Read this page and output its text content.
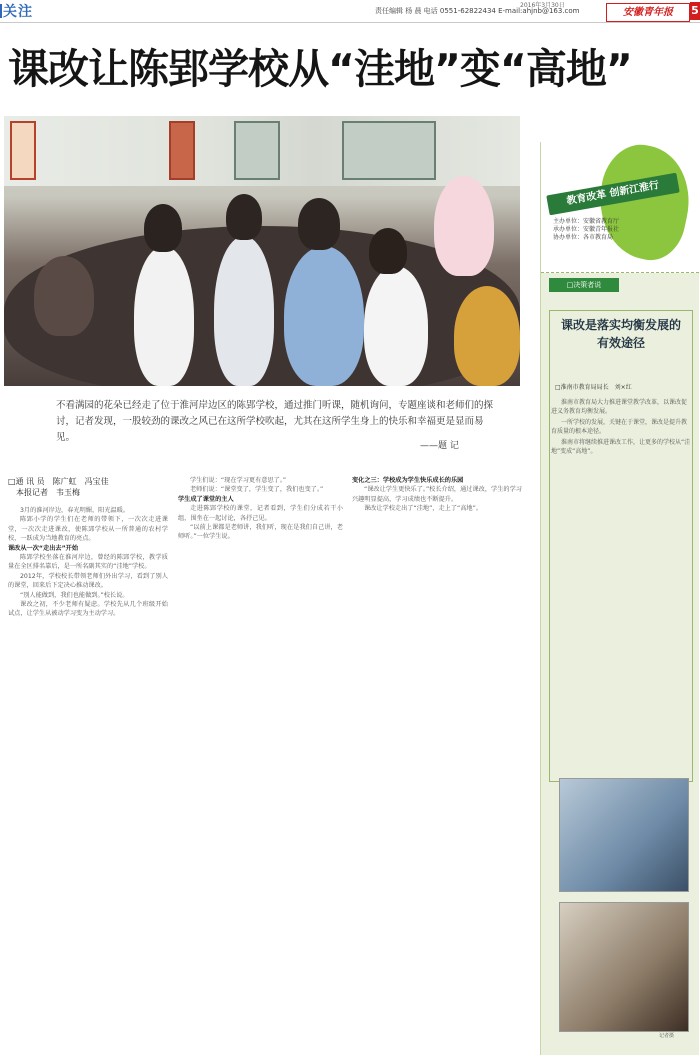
关注	责任编辑 杨 晨 电话 0551-62822434 E-mail:ahjnb@163.com
2016年3月30日
安徽青年报	5
课改让陈郢学校从“洼地”变“高地”
不看满园的花朵已经走了位于淮河岸边区的陈郢学校，通过推门听课，随机询问，专题座谈和老师们的探讨，记者发现，一股较劲的课改之风已在这所学校吹起，尤其在这所学生身上的快乐和幸福更是显而易见。
——题 记
□通 讯 员　陈广虹　冯宝佳
　本报记者　韦玉梅

3月的淮河岸边，春光明媚，阳光温暖。

陈郢小学的学生们在老师的带领下，一次次走进课堂，一次次走进课改，使陈郢学校从一所普通的农村学校，一跃成为当地教育的亮点。

课改从一次“走出去”开始

陈郢学校坐落在淮河岸边，曾经的陈郢学校，教学质量在全区排名靠后，是一所名副其实的“洼地”学校。

2012年，学校校长带领老师们外出学习，看到了别人的课堂，回来后下定决心推动课改。

“别人能做到，我们也能做到。”校长说。

课改之初，不少老师有疑虑。学校先从几个班级开始试点，让学生从被动学习变为主动学习。

学生们说：“现在学习更有意思了。”

老师们说：“课堂变了，学生变了，我们也变了。”

学生成了课堂的主人

走进陈郢学校的课堂，记者看到，学生们分成若干小组，围坐在一起讨论，各抒己见。

“以前上课都是老师讲，我们听，现在是我们自己讲，老师听。”一位学生说。

变化之三：学校成为学生快乐成长的乐园

“课改让学生更快乐了。”校长介绍，通过课改，学生的学习兴趣明显提高，学习成绩也不断提升。

课改让学校走出了“洼地”，走上了“高地”。

教育改革 创新江淮行
主办单位：安徽省教育厅
承办单位：安徽青年报社
协办单位：各市教育局
□决策者说
课改是落实均衡发展的有效途径
□淮南市教育局局长　刘×红

淮南市教育局大力推进课堂教学改革，以课改促进义务教育均衡发展。

一所学校的发展，关键在于课堂，课改是提升教育质量的根本途径。

淮南市将继续推进课改工作，让更多的学校从“洼地”变成“高地”。

记者摄
